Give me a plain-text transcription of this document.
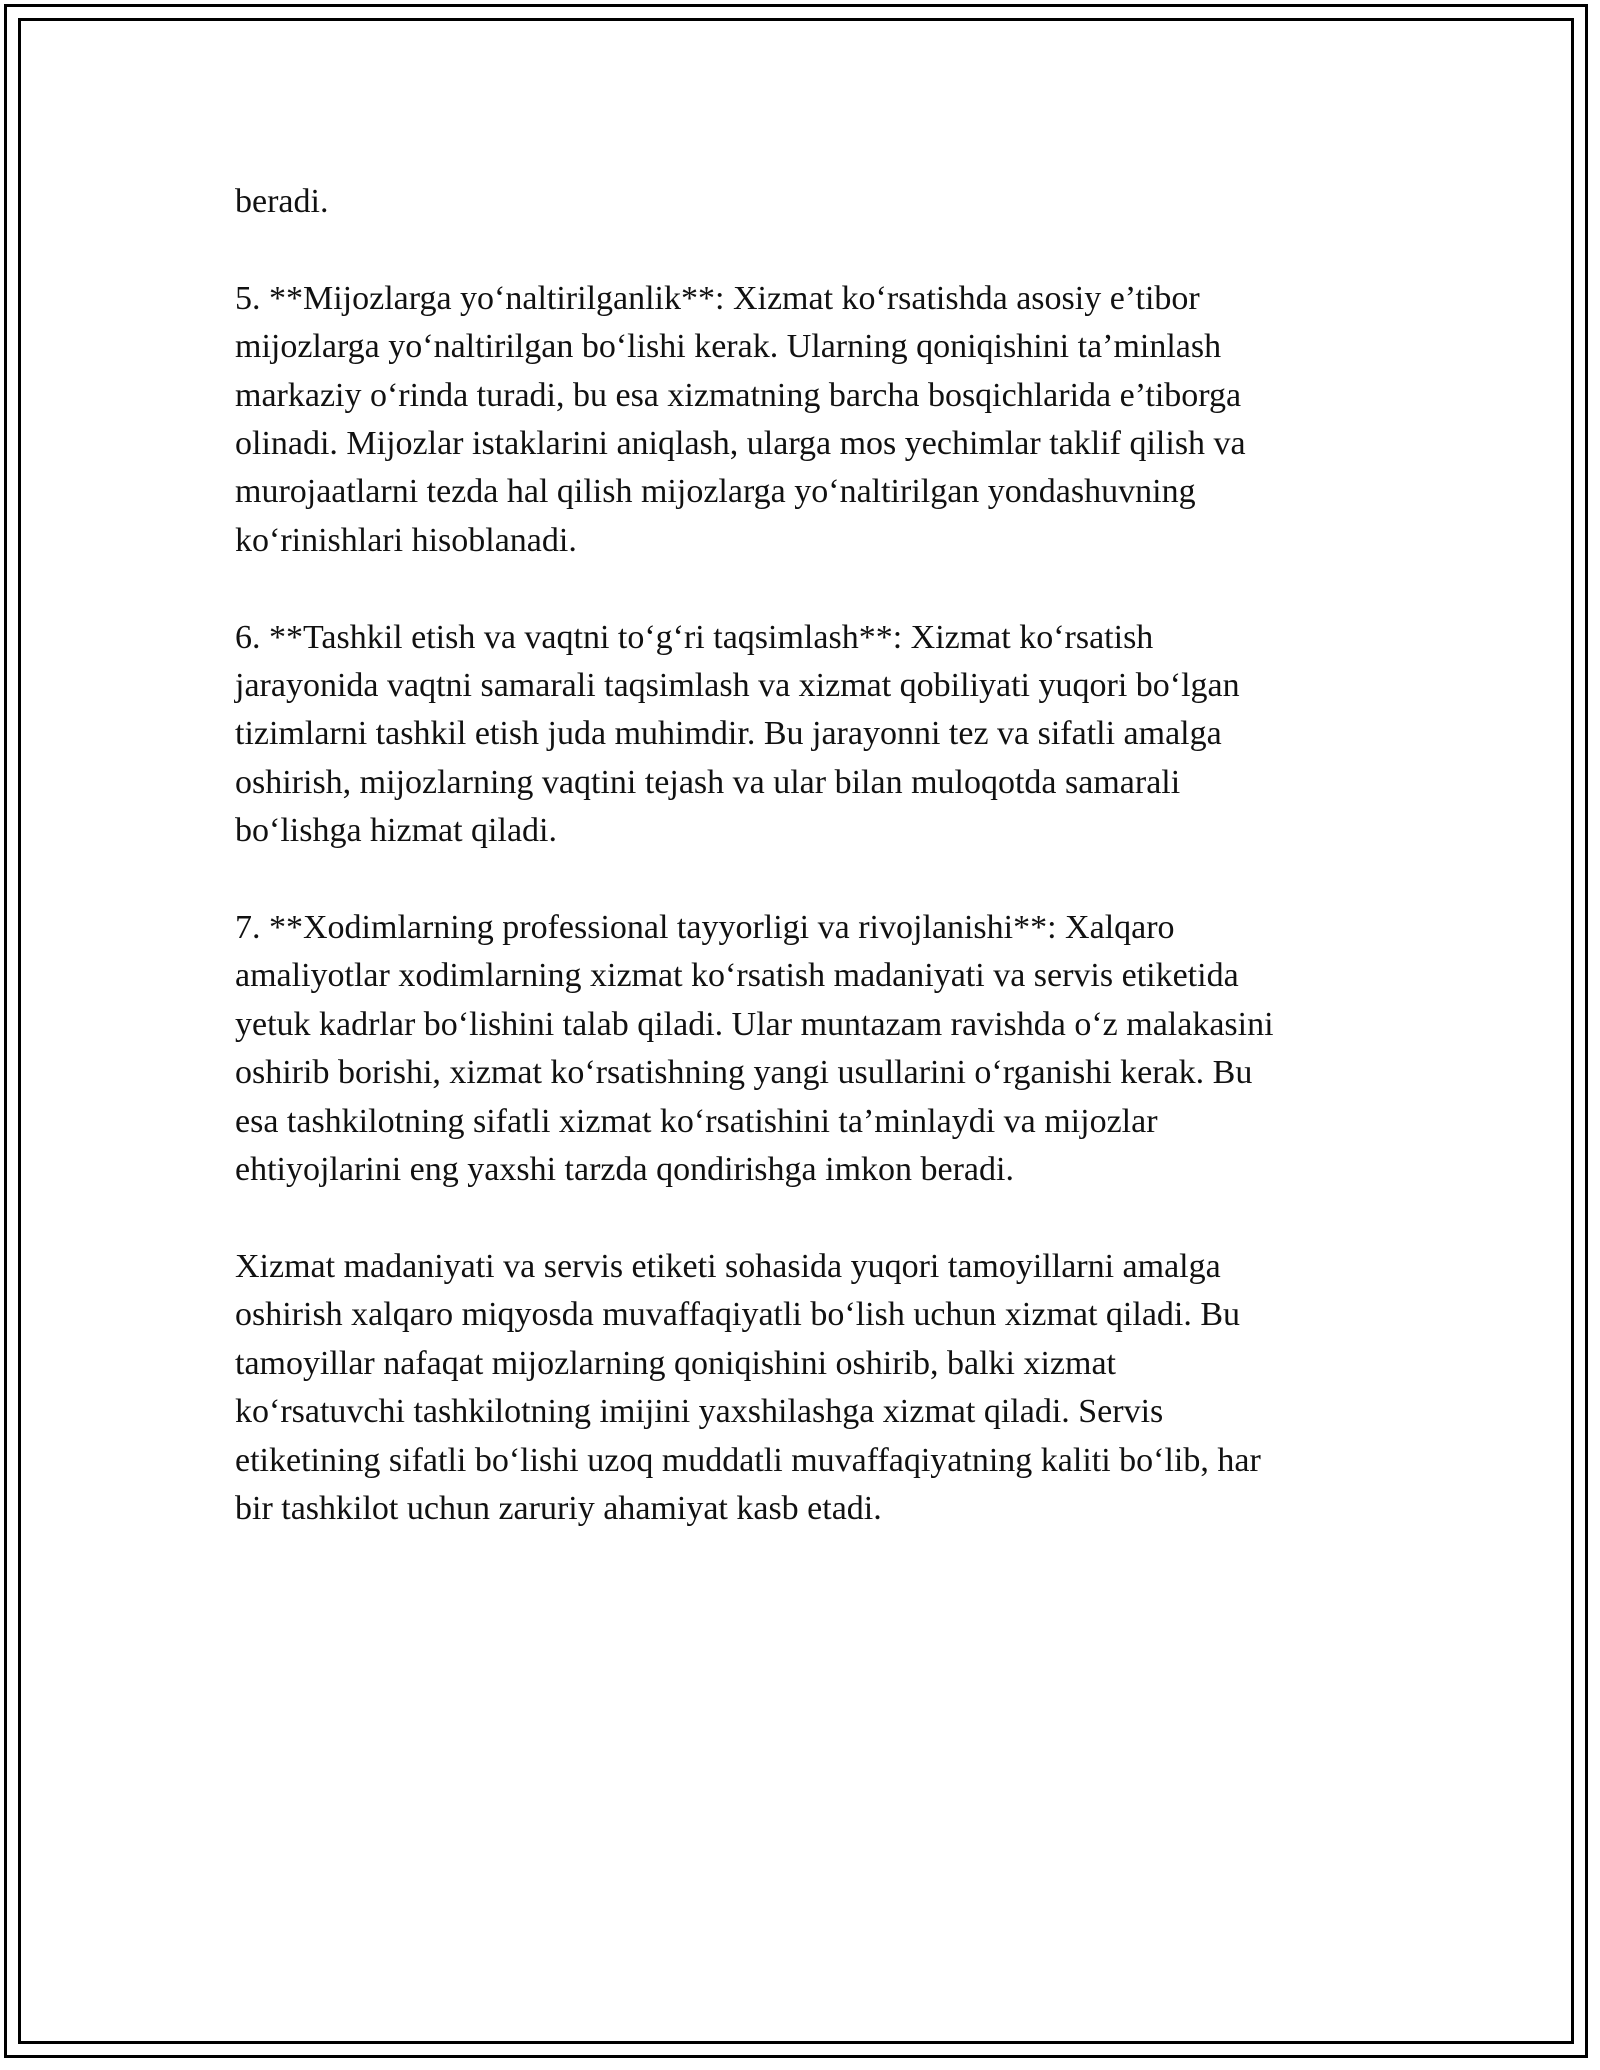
beradi.

5. **Mijozlarga yo‘naltirilganlik**: Xizmat ko‘rsatishda asosiy e’tibor
mijozlarga yo‘naltirilgan bo‘lishi kerak. Ularning qoniqishini ta’minlash
markaziy o‘rinda turadi, bu esa xizmatning barcha bosqichlarida e’tiborga
olinadi. Mijozlar istaklarini aniqlash, ularga mos yechimlar taklif qilish va
murojaatlarni tezda hal qilish mijozlarga yo‘naltirilgan yondashuvning
ko‘rinishlari hisoblanadi.

6. **Tashkil etish va vaqtni to‘g‘ri taqsimlash**: Xizmat ko‘rsatish
jarayonida vaqtni samarali taqsimlash va xizmat qobiliyati yuqori bo‘lgan
tizimlarni tashkil etish juda muhimdir. Bu jarayonni tez va sifatli amalga
oshirish, mijozlarning vaqtini tejash va ular bilan muloqotda samarali
bo‘lishga hizmat qiladi.

7. **Xodimlarning professional tayyorligi va rivojlanishi**: Xalqaro
amaliyotlar xodimlarning xizmat ko‘rsatish madaniyati va servis etiketida
yetuk kadrlar bo‘lishini talab qiladi. Ular muntazam ravishda o‘z malakasini
oshirib borishi, xizmat ko‘rsatishning yangi usullarini o‘rganishi kerak. Bu
esa tashkilotning sifatli xizmat ko‘rsatishini ta’minlaydi va mijozlar
ehtiyojlarini eng yaxshi tarzda qondirishga imkon beradi.

Xizmat madaniyati va servis etiketi sohasida yuqori tamoyillarni amalga
oshirish xalqaro miqyosda muvaffaqiyatli bo‘lish uchun xizmat qiladi. Bu
tamoyillar nafaqat mijozlarning qoniqishini oshirib, balki xizmat
ko‘rsatuvchi tashkilotning imijini yaxshilashga xizmat qiladi. Servis
etiketining sifatli bo‘lishi uzoq muddatli muvaffaqiyatning kaliti bo‘lib, har
bir tashkilot uchun zaruriy ahamiyat kasb etadi.
